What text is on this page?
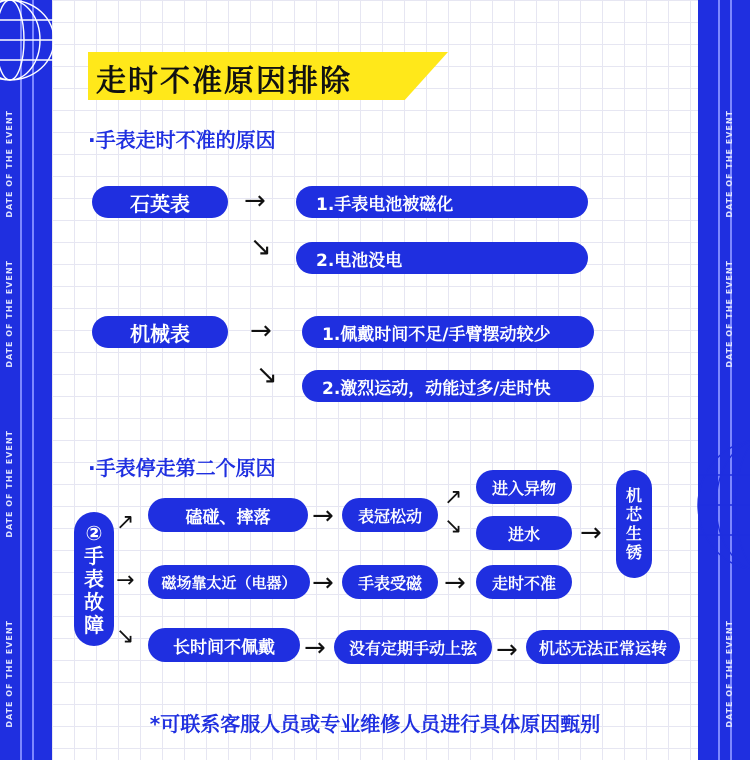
DATE OF THE EVENT
DATE OF THE EVENT
DATE OF THE EVENT
DATE OF THE EVENT
DATE OF THE EVENT
DATE OF THE EVENT
DATE OF THE EVENT
走时不准原因排除
·手表走时不准的原因
石英表	→	1.手表电池被磁化
↘	2.电池没电
机械表	→	1.佩戴时间不足/手臂摆动较少
↘	2.激烈运动，动能过多/走时快
·手表停走第二个原因
②
手
表
故
障
↗	磕碰、摔落	→	表冠松动
↗
↘
进入异物
进水	→
机
芯
生
锈
→	磁场靠太近（电器） →	手表受磁 →	走时不准
↘	长时间不佩戴	→	没有定期手动上弦 →	机芯无法正常运转
*可联系客服人员或专业维修人员进行具体原因甄别
